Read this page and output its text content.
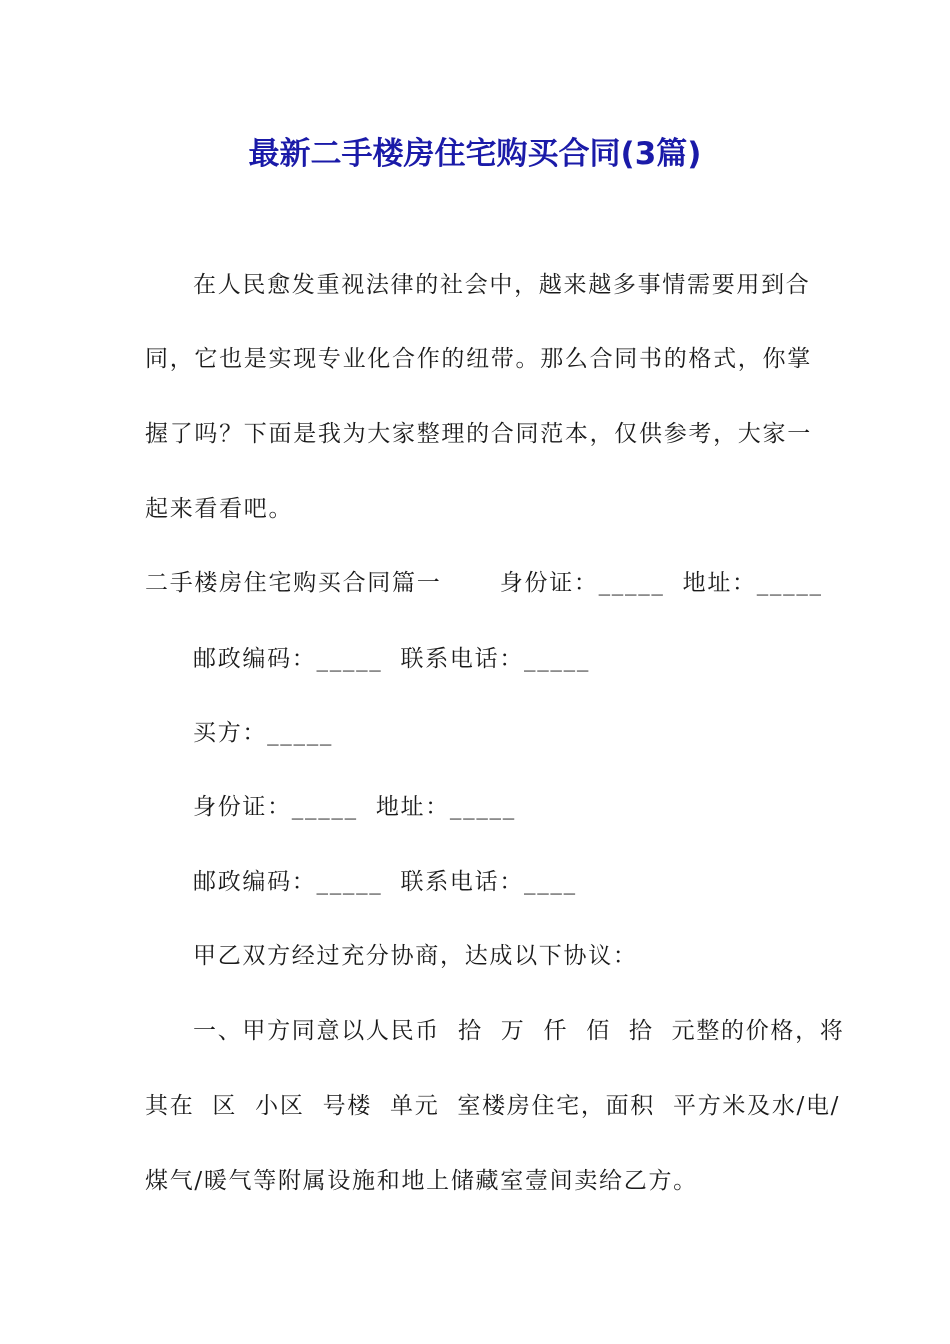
最新二手楼房住宅购买合同(3篇)
在人民愈发重视法律的社会中，越来越多事情需要用到合
同，它也是实现专业化合作的纽带。那么合同书的格式，你掌
握了吗？下面是我为大家整理的合同范本，仅供参考，大家一
起来看看吧。
二手楼房住宅购买合同篇一　　 身份证：_____  地址：_____
邮政编码：_____  联系电话：_____
买方：_____
身份证：_____  地址：_____
邮政编码：_____  联系电话：____
甲乙双方经过充分协商，达成以下协议：
一、甲方同意以人民币  拾  万  仟  佰  拾  元整的价格，将
其在  区  小区  号楼  单元  室楼房住宅，面积  平方米及水/电/
煤气/暖气等附属设施和地上储藏室壹间卖给乙方。
